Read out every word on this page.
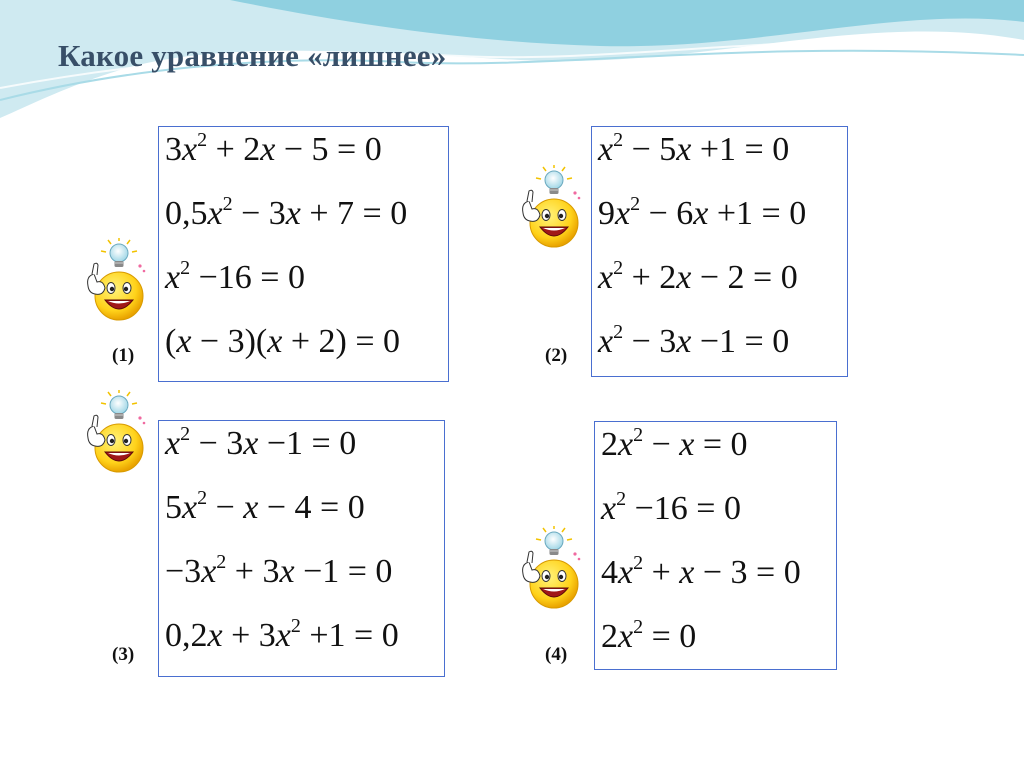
Какое уравнение «лишнее»
$3x^2 + 2x - 5 = 0$
$0,5x^2 - 3x + 7 = 0$
$x^2 -16 = 0$
(x − 3)(x + 2) = 0
(1)
$x^2 - 5x +1 = 0$
$9x^2 - 6x +1 = 0$
$x^2 + 2x - 2 = 0$
$x^2 - 3x -1 = 0$
(2)
$x^2 - 3x -1 = 0$
$5x^2 - x - 4 = 0$
$-3x^2 + 3x -1 = 0$
$0,2x + 3x^2 +1 = 0$
(3)
$2x^2 - x = 0$
$x^2 -16 = 0$
$4x^2 + x - 3 = 0$
$2x^2 = 0$
(4)
